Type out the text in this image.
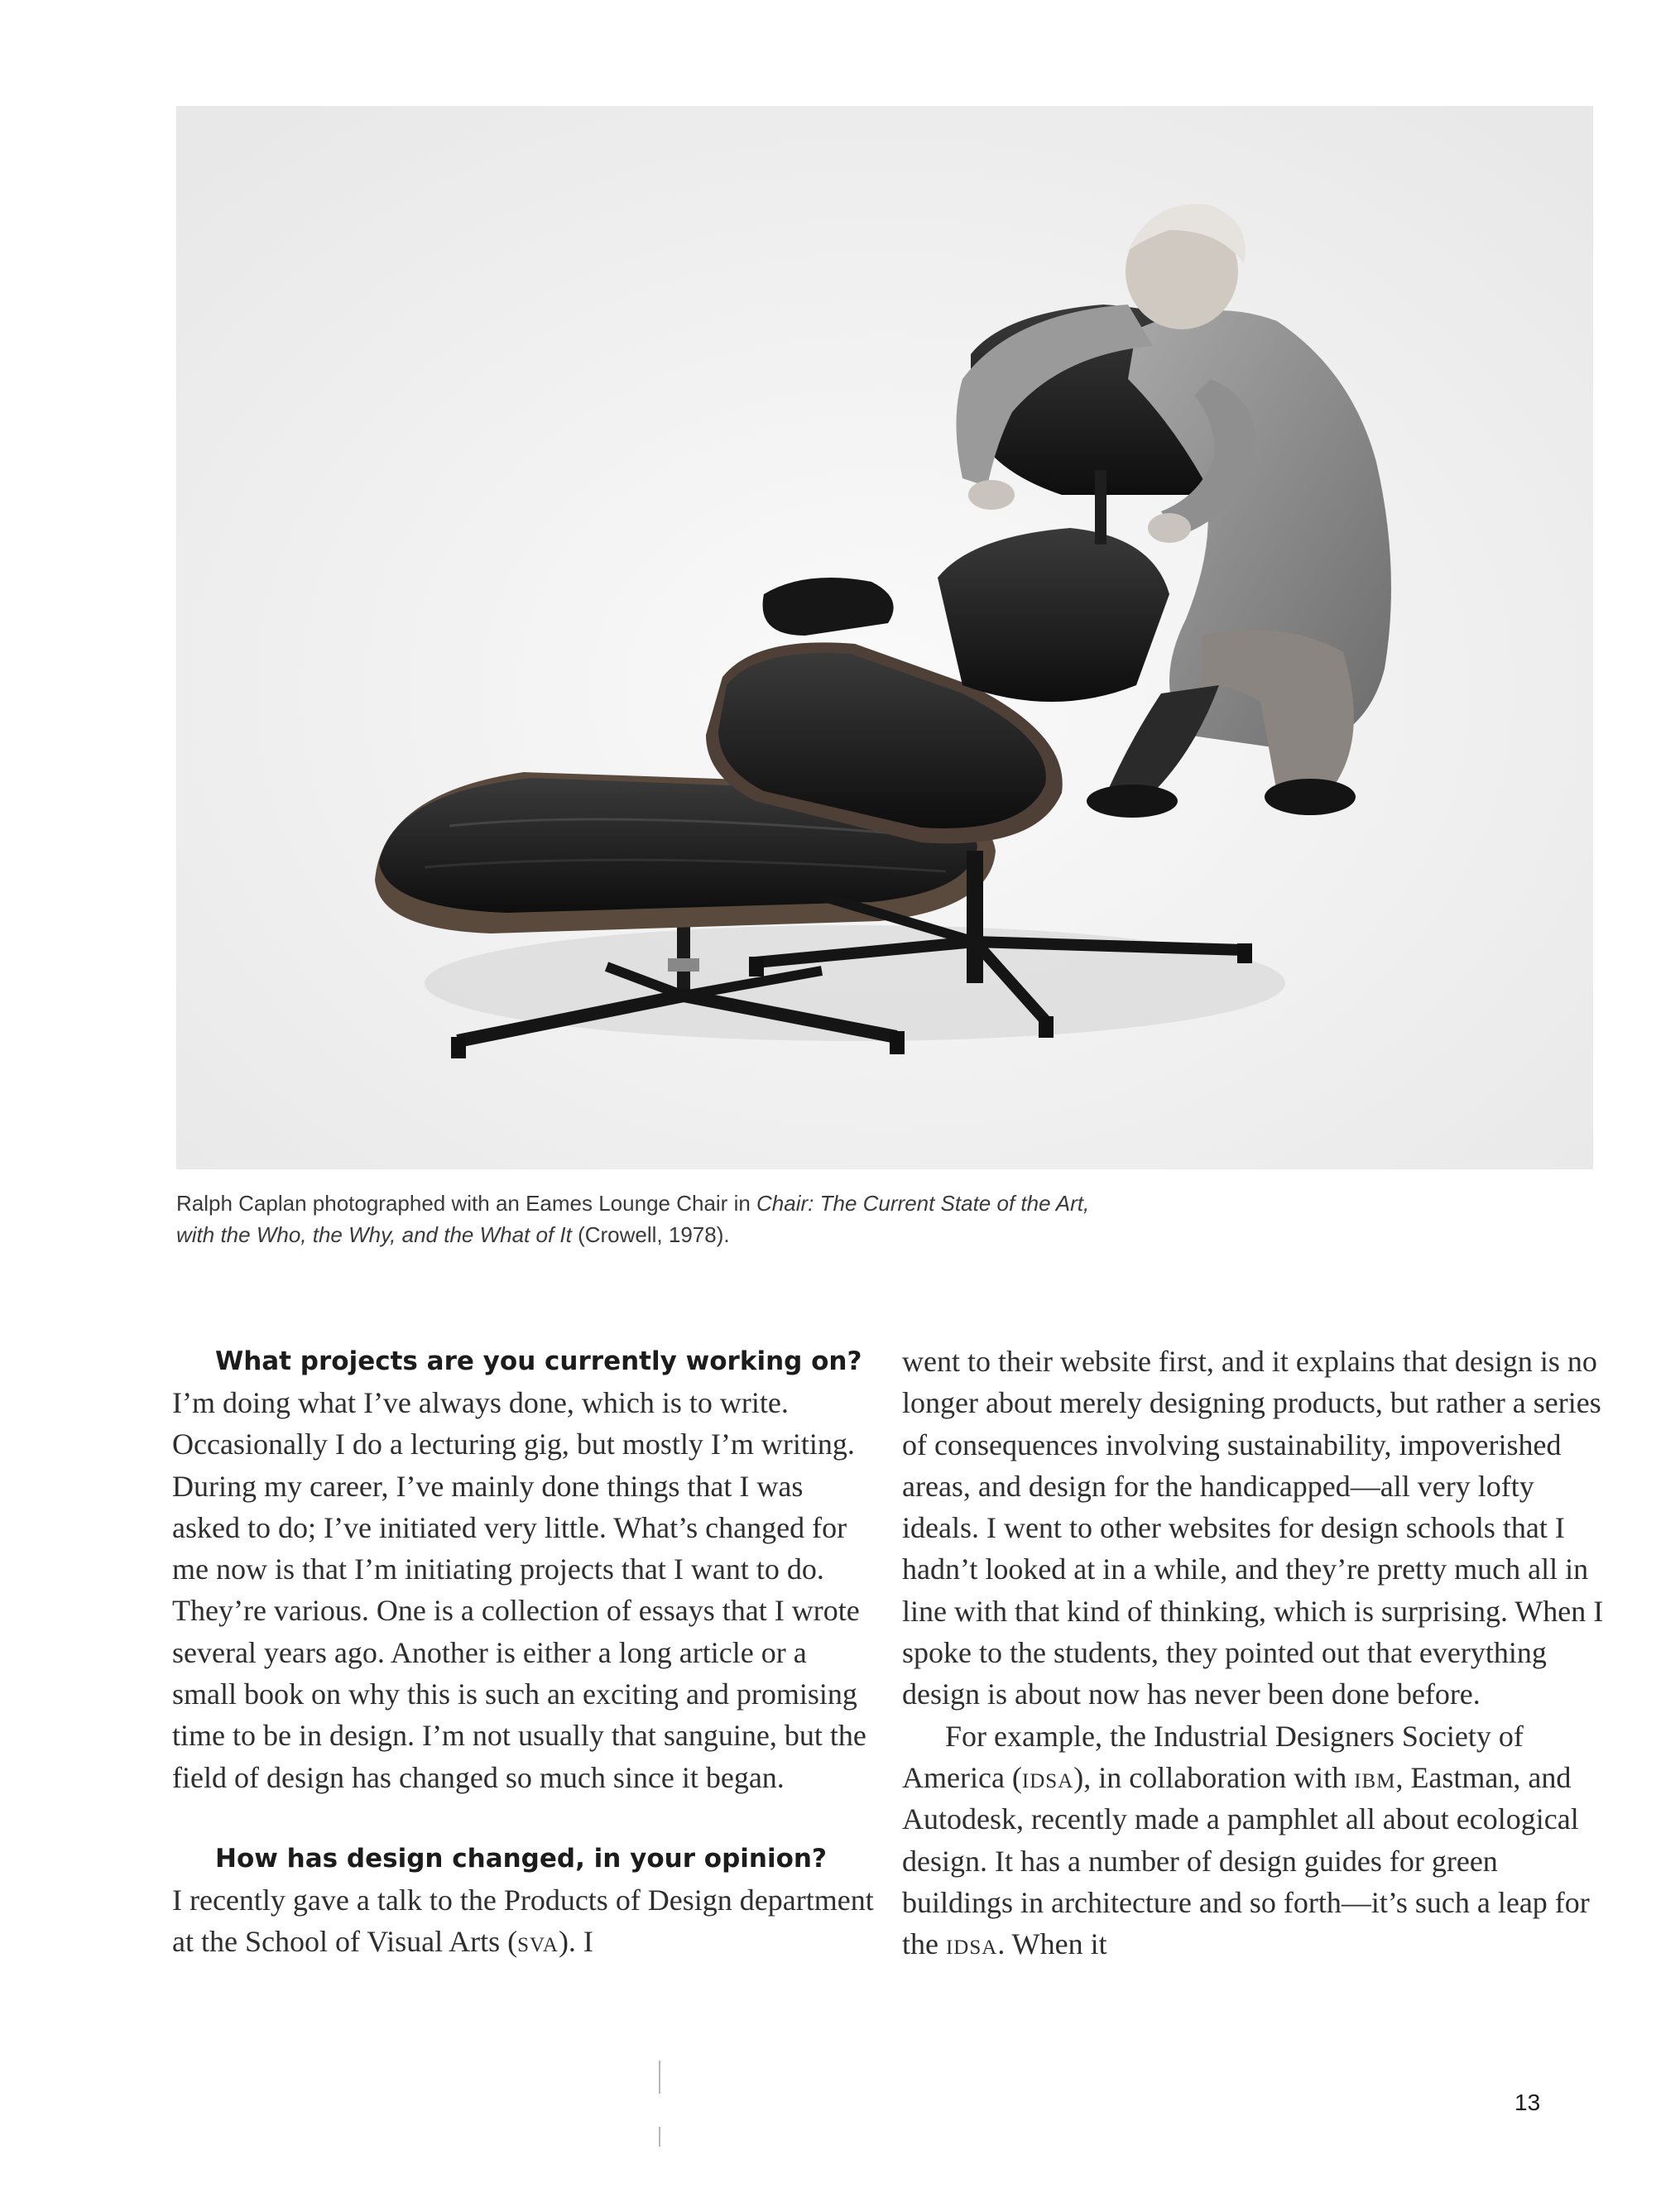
Ralph Caplan photographed with an Eames Lounge Chair in Chair: The Current State of the Art,
with the Who, the Why, and the What of It (Crowell, 1978).

What projects are you currently working on?

I’m doing what I’ve always done, which is to write. Occasionally I do a lecturing gig, but mostly I’m writing. During my career, I’ve mainly done things that I was asked to do; I’ve initiated very little. What’s changed for me now is that I’m initiating projects that I want to do. They’re various. One is a collection of essays that I wrote several years ago. Another is either a long article or a small book on why this is such an exciting and promising time to be in design. I’m not usually that sanguine, but the field of design has changed so much since it began.

How has design changed, in your opinion?

I recently gave a talk to the Products of Design department at the School of Visual Arts (sva). I

went to their website first, and it explains that design is no longer about merely designing products, but rather a series of consequences involving sustainability, impoverished areas, and design for the handicapped—all very lofty ideals. I went to other websites for design schools that I hadn’t looked at in a while, and they’re pretty much all in line with that kind of thinking, which is surprising. When I spoke to the students, they pointed out that everything design is about now has never been done before.

For example, the Industrial Designers Society of America (idsa), in collaboration with ibm, Eastman, and Autodesk, recently made a pamphlet all about ecological design. It has a number of design guides for green buildings in architecture and so forth—it’s such a leap for the idsa. When it

13
